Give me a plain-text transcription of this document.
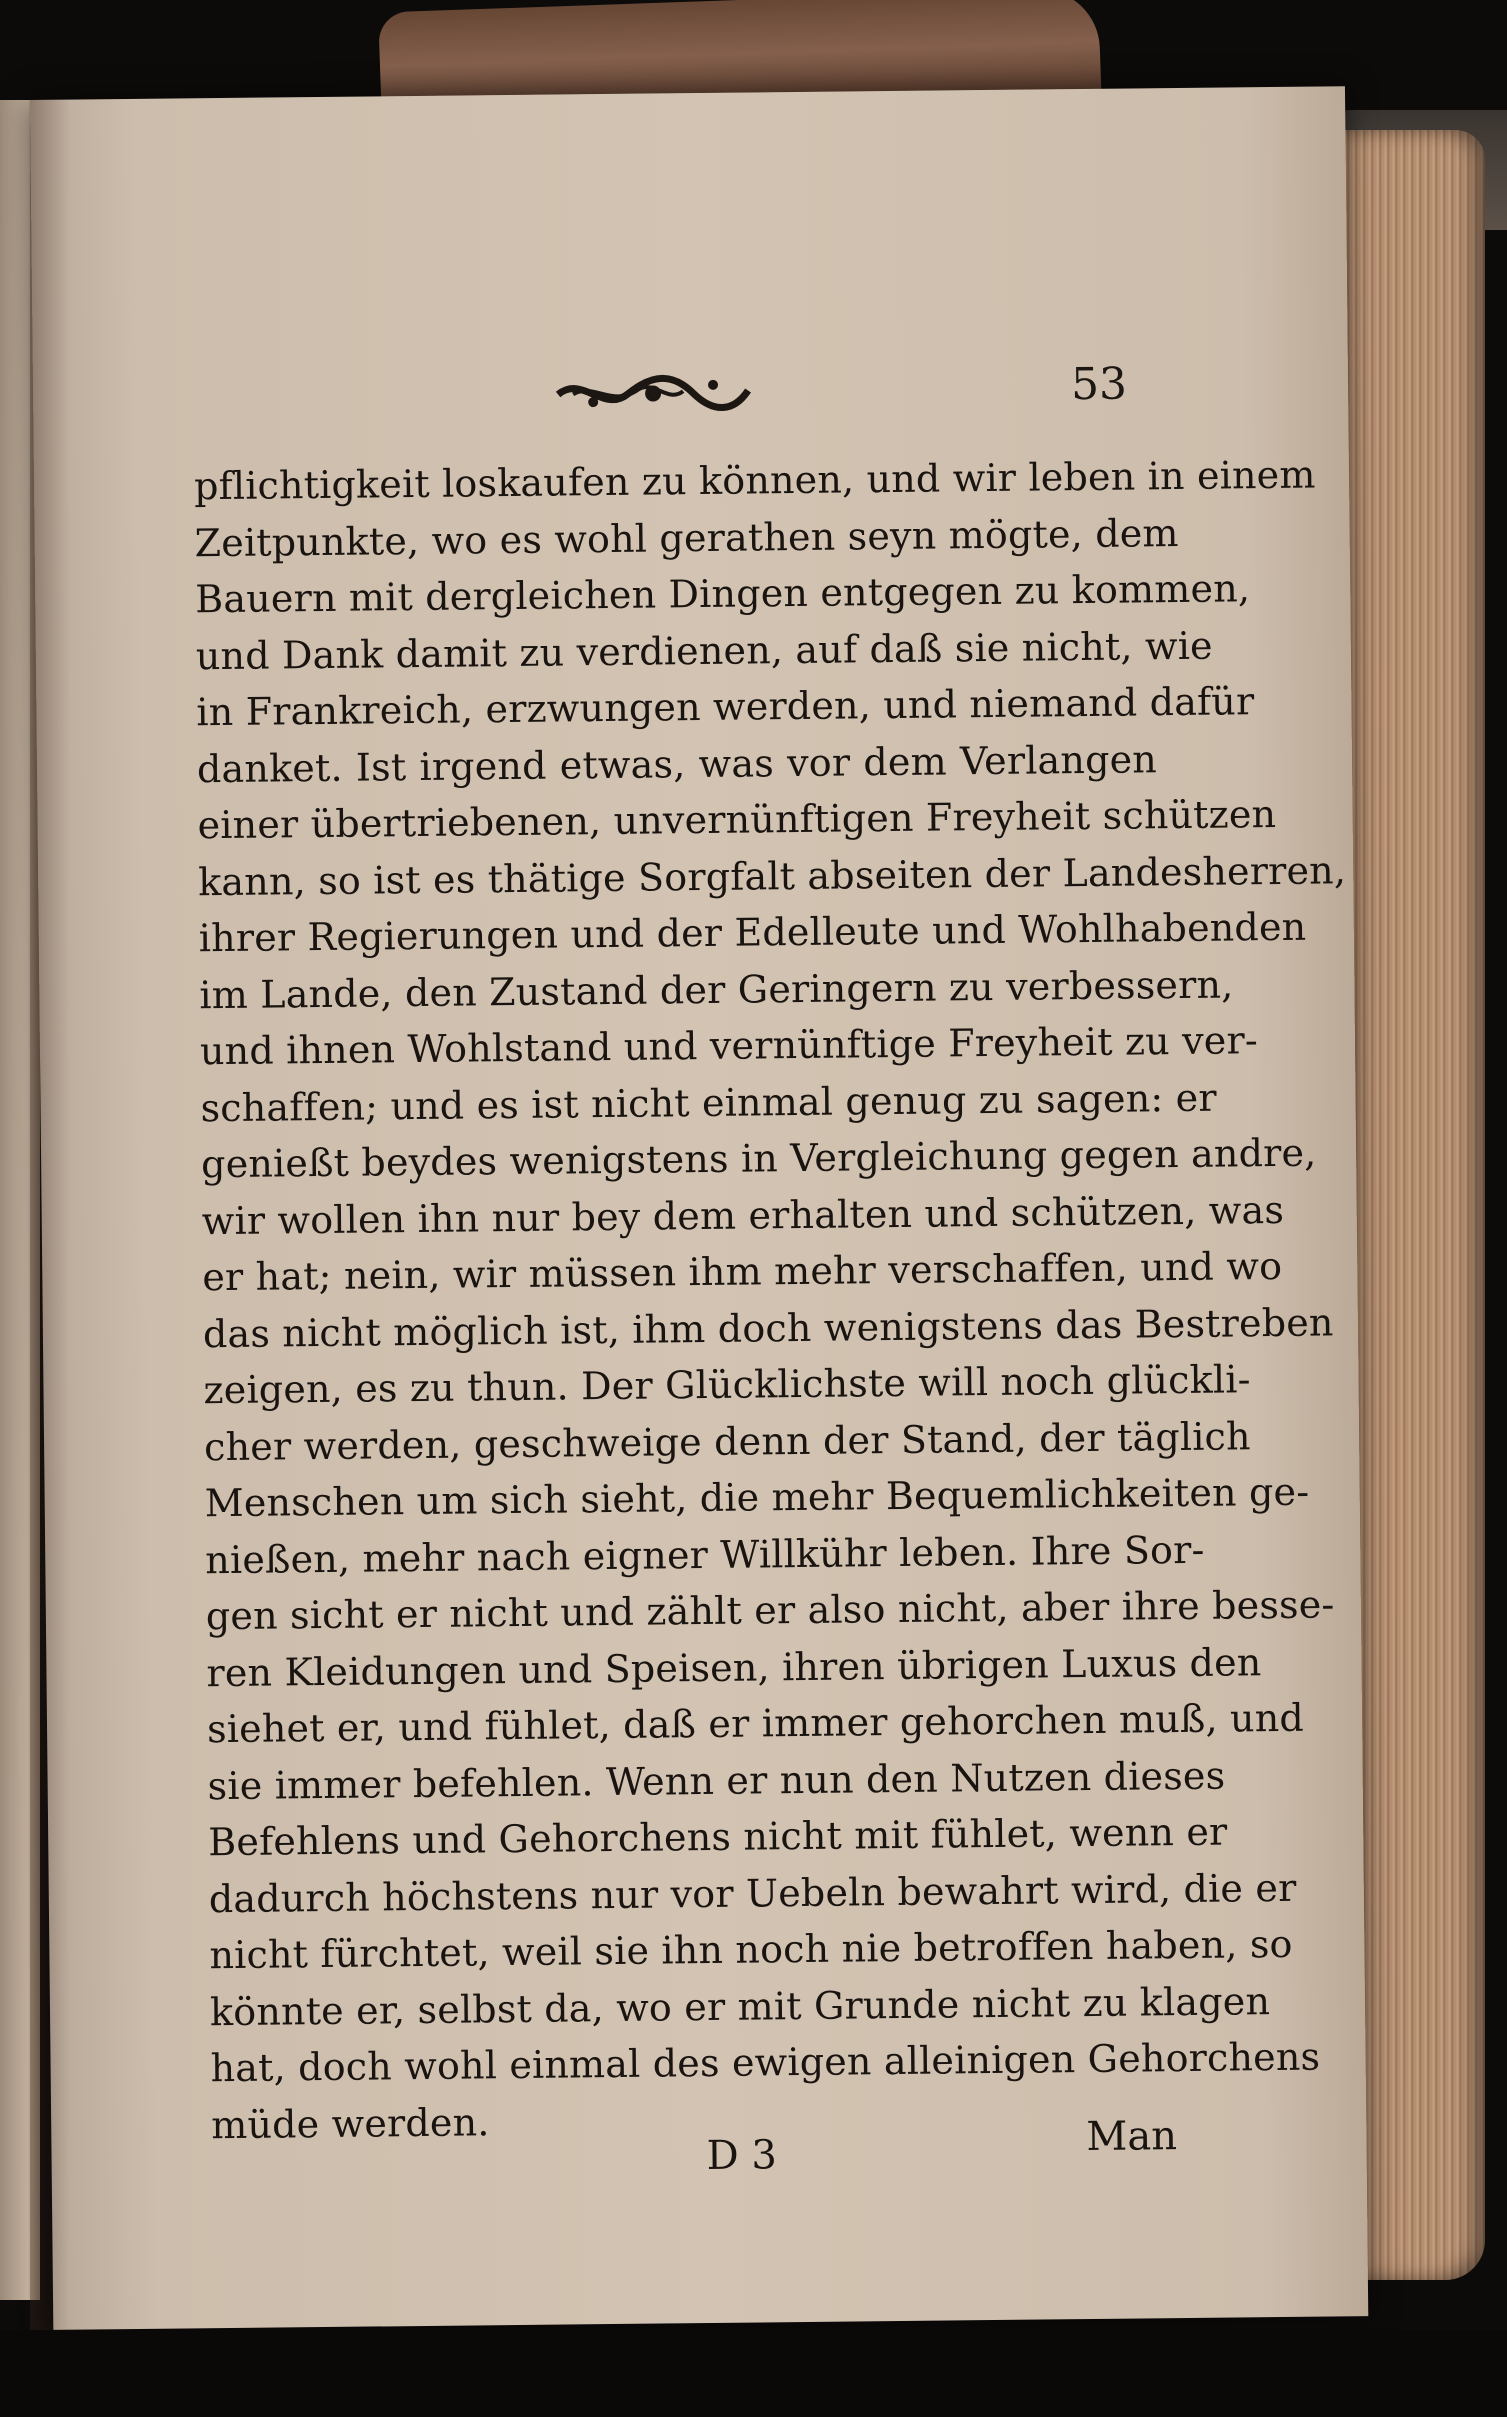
53
pflichtigkeit loskaufen zu können, und wir leben in einem
Zeitpunkte, wo es wohl gerathen seyn mögte, dem
Bauern mit dergleichen Dingen entgegen zu kommen,
und Dank damit zu verdienen, auf daß sie nicht, wie
in Frankreich, erzwungen werden, und niemand dafür
danket. Ist irgend etwas, was vor dem Verlangen
einer übertriebenen, unvernünftigen Freyheit schützen
kann, so ist es thätige Sorgfalt abseiten der Landesherren,
ihrer Regierungen und der Edelleute und Wohlhabenden
im Lande, den Zustand der Geringern zu verbessern,
und ihnen Wohlstand und vernünftige Freyheit zu ver-
schaffen; und es ist nicht einmal genug zu sagen: er
genießt beydes wenigstens in Vergleichung gegen andre,
wir wollen ihn nur bey dem erhalten und schützen, was
er hat; nein, wir müssen ihm mehr verschaffen, und wo
das nicht möglich ist, ihm doch wenigstens das Bestreben
zeigen, es zu thun. Der Glücklichste will noch glückli-
cher werden, geschweige denn der Stand, der täglich
Menschen um sich sieht, die mehr Bequemlichkeiten ge-
nießen, mehr nach eigner Willkühr leben. Ihre Sor-
gen sicht er nicht und zählt er also nicht, aber ihre besse-
ren Kleidungen und Speisen, ihren übrigen Luxus den
siehet er, und fühlet, daß er immer gehorchen muß, und
sie immer befehlen. Wenn er nun den Nutzen dieses
Befehlens und Gehorchens nicht mit fühlet, wenn er
dadurch höchstens nur vor Uebeln bewahrt wird, die er
nicht fürchtet, weil sie ihn noch nie betroffen haben, so
könnte er, selbst da, wo er mit Grunde nicht zu klagen
hat, doch wohl einmal des ewigen alleinigen Gehorchens
müde werden.
D 3	Man
